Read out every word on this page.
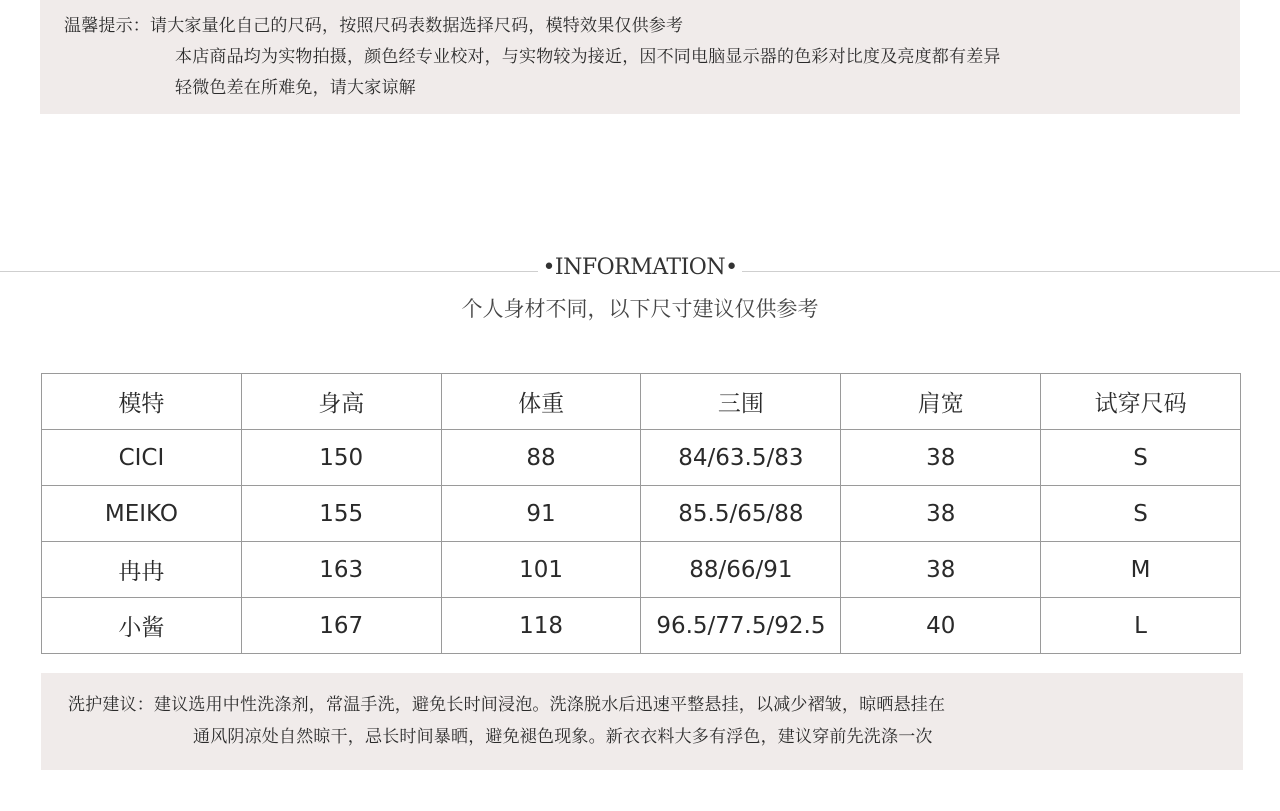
温馨提示：请大家量化自己的尺码，按照尺码表数据选择尺码，模特效果仅供参考
本店商品均为实物拍摄，颜色经专业校对，与实物较为接近，因不同电脑显示器的色彩对比度及亮度都有差异
轻微色差在所难免，请大家谅解
•INFORMATION•
个人身材不同，以下尺寸建议仅供参考
模特	身高	体重	三围	肩宽	试穿尺码
CICI	150	88	84/63.5/83	38	S
MEIKO	155	91	85.5/65/88	38	S
冉冉	163	101	88/66/91	38	M
小酱	167	118	96.5/77.5/92.5	40	L
洗护建议：建议选用中性洗涤剂，常温手洗，避免长时间浸泡。洗涤脱水后迅速平整悬挂，以减少褶皱，晾晒悬挂在
通风阴凉处自然晾干，忌长时间暴晒，避免褪色现象。新衣衣料大多有浮色，建议穿前先洗涤一次
